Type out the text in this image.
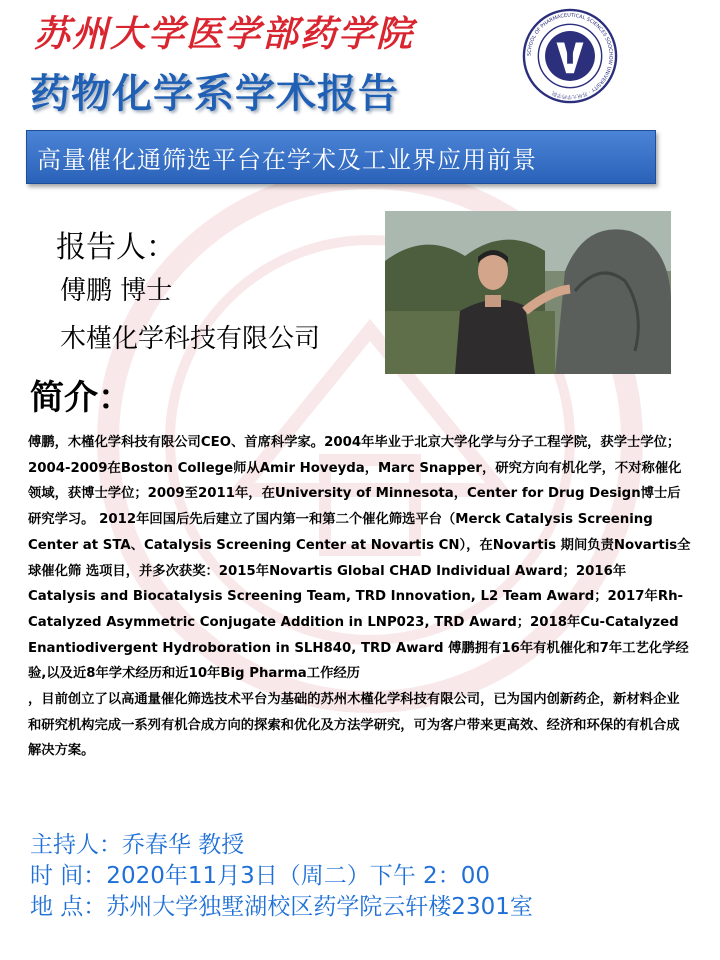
苏州大学医学部药学院
药物化学系学术报告
SCHOOL OF PHARMACEUTICAL SCIENCES SOOCHOW UNIVERSITY · 苏州大学药学院
高量催化通筛选平台在学术及工业界应用前景
报告人：
傅鹏 博士
木槿化学科技有限公司
简介：

傅鹏，木槿化学科技有限公司CEO、首席科学家。2004年毕业于北京大学化学与分子工程学院，获学士学位；2004-2009在Boston College师从Amir Hoveyda，Marc Snapper，研究方向有机化学，不对称催化领域，获博士学位；2009至2011年，在University of Minnesota，Center for Drug Design博士后研究学习。 2012年回国后先后建立了国内第一和第二个催化筛选平台（Merck Catalysis Screening Center at STA、Catalysis Screening Center at Novartis CN），在Novartis 期间负责Novartis全球催化筛 选项目，并多次获奖：2015年Novartis Global CHAD Individual Award；2016年Catalysis and Biocatalysis Screening Team, TRD Innovation, L2 Team Award；2017年Rh-Catalyzed Asymmetric Conjugate Addition in LNP023, TRD Award；2018年Cu-Catalyzed Enantiodivergent Hydroboration in SLH840, TRD Award 傅鹏拥有16年有机催化和7年工艺化学经验,以及近8年学术经历和近10年Big Pharma工作经历

，目前创立了以高通量催化筛选技术平台为基础的苏州木槿化学科技有限公司，已为国内创新药企，新材料企业和研究机构完成一系列有机合成方向的探索和优化及方法学研究，可为客户带来更高效、经济和环保的有机合成解决方案。

主持人：乔春华 教授
时 间：2020年11月3日（周二）下午 2：00
地 点：苏州大学独墅湖校区药学院云轩楼2301室
